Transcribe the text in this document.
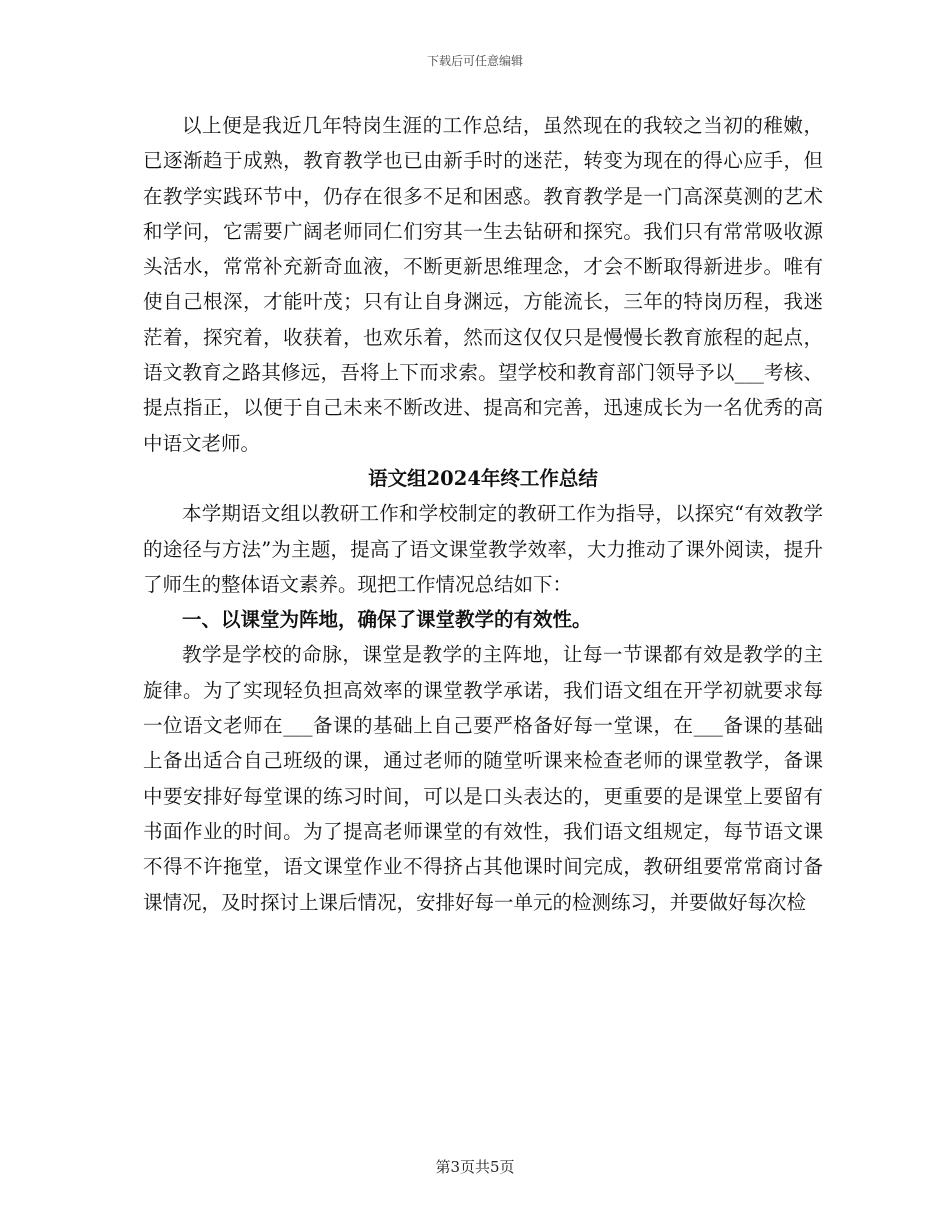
下载后可任意编辑

以上便是我近几年特岗生涯的工作总结，虽然现在的我较之当初的稚嫩，已逐渐趋于成熟，教育教学也已由新手时的迷茫，转变为现在的得心应手，但在教学实践环节中，仍存在很多不足和困惑。教育教学是一门高深莫测的艺术和学问，它需要广阔老师同仁们穷其一生去钻研和探究。我们只有常常吸收源头活水，常常补充新奇血液，不断更新思维理念，才会不断取得新进步。唯有使自己根深，才能叶茂；只有让自身渊远，方能流长，三年的特岗历程，我迷茫着，探究着，收获着，也欢乐着，然而这仅仅只是慢慢长教育旅程的起点，语文教育之路其修远，吾将上下而求索。望学校和教育部门领导予以___考核、提点指正，以便于自己未来不断改进、提高和完善，迅速成长为一名优秀的高中语文老师。

语文组2024年终工作总结

本学期语文组以教研工作和学校制定的教研工作为指导，以探究“有效教学的途径与方法”为主题，提高了语文课堂教学效率，大力推动了课外阅读，提升了师生的整体语文素养。现把工作情况总结如下：

一、以课堂为阵地，确保了课堂教学的有效性。

教学是学校的命脉，课堂是教学的主阵地，让每一节课都有效是教学的主旋律。为了实现轻负担高效率的课堂教学承诺，我们语文组在开学初就要求每一位语文老师在___备课的基础上自己要严格备好每一堂课，在___备课的基础上备出适合自己班级的课，通过老师的随堂听课来检查老师的课堂教学，备课中要安排好每堂课的练习时间，可以是口头表达的，更重要的是课堂上要留有书面作业的时间。为了提高老师课堂的有效性，我们语文组规定，每节语文课不得不许拖堂，语文课堂作业不得挤占其他课时间完成，教研组要常常商讨备课情况，及时探讨上课后情况，安排好每一单元的检测练习，并要做好每次检

第3页共5页
